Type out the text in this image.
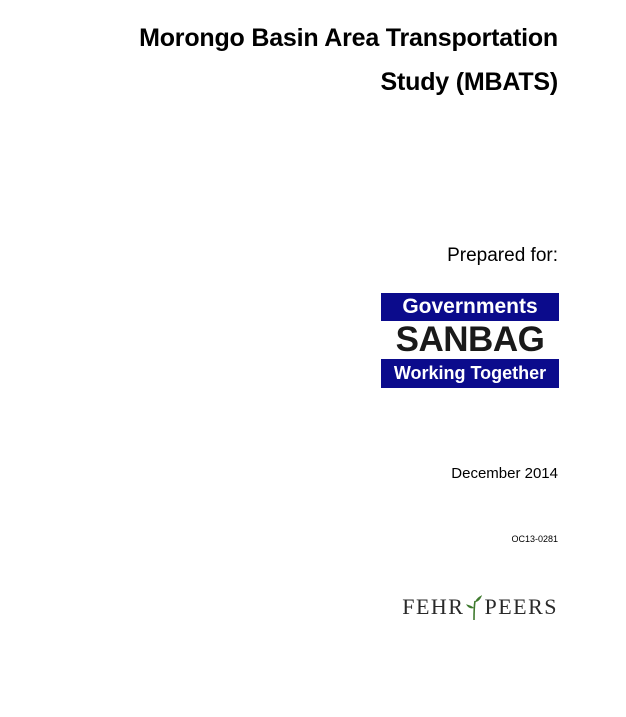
Morongo Basin Area Transportation
Study (MBATS)
Prepared for:
Governments
SANBAG
Working Together
December 2014
OC13-0281
FEHR PEERS
